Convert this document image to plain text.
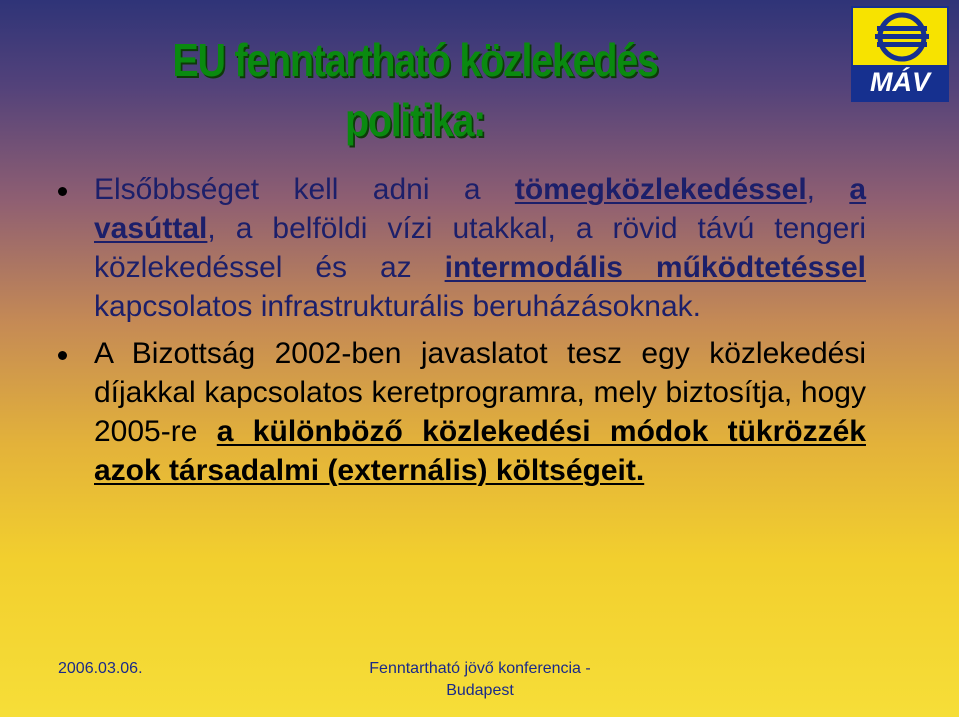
EU fenntartható közlekedés
politika:
MÁV

Elsőbbséget kell adni a tömegközlekedéssel, a vasúttal, a belföldi vízi utakkal, a rövid távú tengeri közlekedéssel és az intermodális működtetéssel kapcsolatos infrastrukturális beruházásoknak.

A Bizottság 2002-ben javaslatot tesz egy közlekedési díjakkal kapcsolatos keretprogramra, mely biztosítja, hogy 2005-re a különböző közlekedési módok tükrözzék azok társadalmi (externális) költségeit.

2006.03.06.	Fenntartható jövő konferencia -
Budapest
